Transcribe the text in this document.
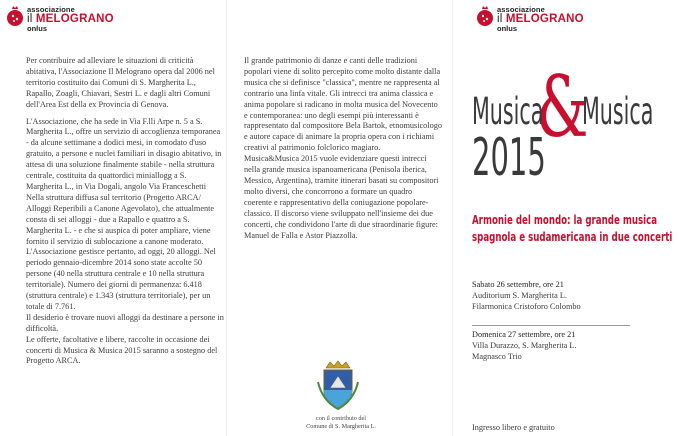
associazione
il MELOGRANO
onlus

Per contribuire ad alleviare le situazioni di criticità abitativa, l'Associazione Il Melograno opera dal 2006 nel territorio costituito dai Comuni di S. Margherita L., Rapallo, Zoagli, Chiavari, Sestri L. e dagli altri Comuni dell'Area Est della ex Provincia di Genova.

L'Associazione, che ha sede in Via F.lli Arpe n. 5 a S. Margherita L., offre un servizio di accoglienza temporanea - da alcune settimane a dodici mesi, in comodato d'uso gratuito, a persone e nuclei familiari in disagio abitativo, in attesa di una soluzione finalmente stabile - nella struttura centrale, costituita da quattordici miniallogg a S. Margherita L., in Via Dogali, angolo Via Franceschetti

Nella struttura diffusa sul territorio (Progetto ARCA/ Alloggi Reperibili a Canone Agevolato), che attualmente consta di sei alloggi - due a Rapallo e quattro a S. Margherita L. - e che si auspica di poter ampliare, viene fornito il servizio di sublocazione a canone moderato. L'Associazione gestisce pertanto, ad oggi, 20 alloggi. Nel periodo gennaio-dicembre 2014 sono state accolte 50 persone (40 nella struttura centrale e 10 nella struttura territoriale). Numero dei giorni di permanenza: 6.418 (struttura centrale) e 1.343 (struttura territoriale), per un totale di 7.761.

Il desiderio è trovare nuovi alloggi da destinare a persone in difficoltà.

Le offerte, facoltative e libere, raccolte in occasione dei concerti di Musica & Musica 2015 saranno a sostegno del Progetto ARCA.

Il grande patrimonio di danze e canti delle tradizioni popolari viene di solito percepito come molto distante dalla musica che si definisce "classica", mentre ne rappresenta al contrario una linfa vitale. Gli intrecci tra anima classica e anima popolare si radicano in molta musica del Novecento e contemporanea: uno degli esempi più interessanti è rappresentato dal compositore Bela Bartok, etnomusicologo e autore capace di animare la propria opera con i richiami creativi al patrimonio folclorico magiaro.

Musica&Musica 2015 vuole evidenziare questi intrecci nella grande musica ispanoamericana (Penisola iberica, Messico, Argentina), tramite itinerari basati su compositori molto diversi, che concorrono a formare un quadro coerente e rappresentativo della coniugazione popolare-classico. Il discorso viene sviluppato nell'insieme dei due concerti, che condividono l'arte di due straordinarie figure: Manuel de Falla e Astor Piazzolla.

con il contributo del
Comune di S. Margherita L.
associazione
il MELOGRANO
onlus
&
Musica Musica
2015
Armonie del mondo: la grande musica
spagnola e sudamericana in due concerti
Sabato 26 settembre, ore 21
Auditorium S. Margherita L.
Filarmonica Cristoforo Colombo
Domenica 27 settembre, ore 21
Villa Durazzo, S. Margherita L.
Magnasco Trio
Ingresso libero e gratuito
